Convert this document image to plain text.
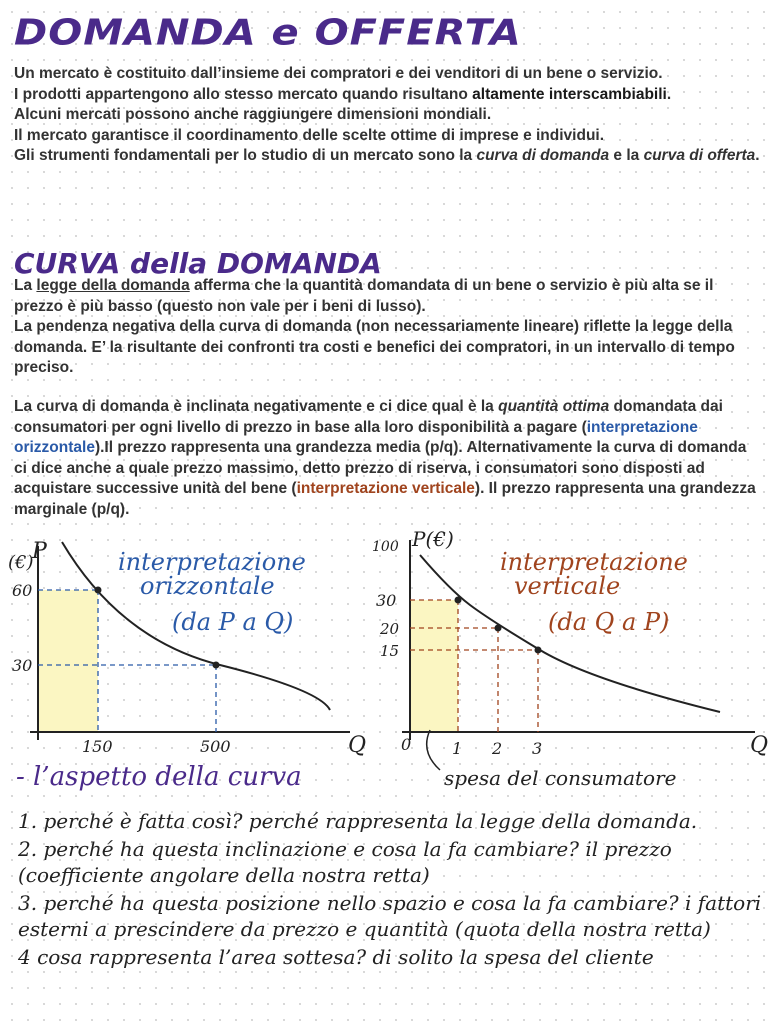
DOMANDA e OFFERTA

Un mercato è costituito dall’insieme dei compratori e dei venditori di un bene o servizio.
I prodotti appartengono allo stesso mercato quando risultano altamente interscambiabili.
Alcuni mercati possono anche raggiungere dimensioni mondiali.
Il mercato garantisce il coordinamento delle scelte ottime di imprese e individui.
Gli strumenti fondamentali per lo studio di un mercato sono la curva di domanda e la curva di offerta.

CURVA della DOMANDA

La legge della domanda afferma che la quantità domandata di un bene o servizio è più alta se il prezzo è più basso (questo non vale per i beni di lusso).
La pendenza negativa della curva di domanda (non necessariamente lineare) riflette la legge della domanda. E’ la risultante dei confronti tra costi e benefici dei compratori, in un intervallo di tempo preciso.

La curva di domanda è inclinata negativamente e ci dice qual è la quantità ottima domandata dai consumatori per ogni livello di prezzo in base alla loro disponibilità a pagare (interpretazione orizzontale).Il prezzo rappresenta una grandezza media (p/q). Alternativamente la curva di domanda ci dice anche a quale prezzo massimo, detto prezzo di riserva, i consumatori sono disposti ad acquistare successive unità del bene (interpretazione verticale). Il prezzo rappresenta una grandezza marginale (p/q).

P
(€)
60
30
150	500	Q
interpretazione
orizzontale
(da P a Q)
100 P(€)
30
20
15
0	1 2 3	Q
interpretazione
verticale
(da Q a P)

- l’aspetto della curva	spesa del consumatore

1. perché è fatta così? perché rappresenta la legge della domanda.

2. perché ha questa inclinazione e cosa la fa cambiare? il prezzo (coefficiente angolare della nostra retta)

3. perché ha questa posizione nello spazio e cosa la fa cambiare? i fattori esterni a prescindere da prezzo e quantità (quota della nostra retta)

4 cosa rappresenta l’area sottesa? di solito la spesa del cliente
